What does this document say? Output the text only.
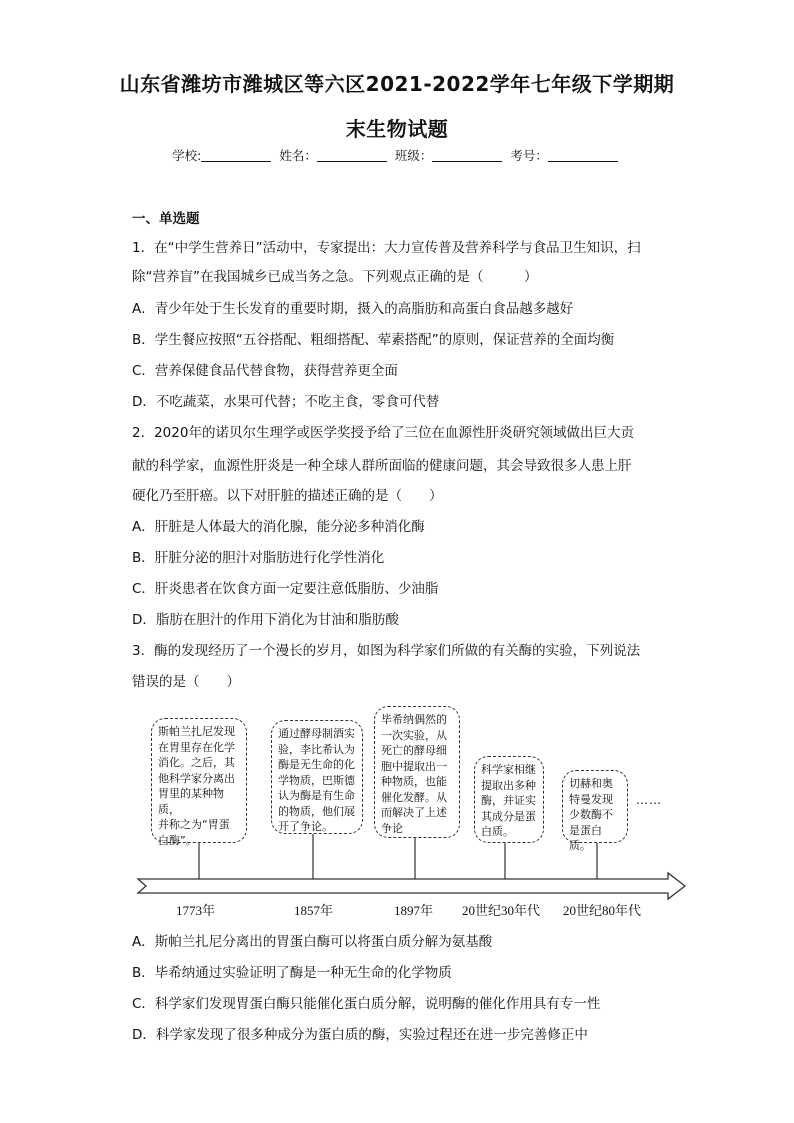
山东省潍坊市潍城区等六区2021-2022学年七年级下学期期
末生物试题
学校:	姓名：	班级：	考号：
一、单选题
1．在“中学生营养日”活动中，专家提出：大力宣传普及营养科学与食品卫生知识，扫
除“营养盲”在我国城乡已成当务之急。下列观点正确的是（　　　）
A．青少年处于生长发育的重要时期，摄入的高脂肪和高蛋白食品越多越好
B．学生餐应按照“五谷搭配、粗细搭配、荤素搭配”的原则，保证营养的全面均衡
C．营养保健食品代替食物，获得营养更全面
D．不吃蔬菜，水果可代替；不吃主食，零食可代替
2．2020年的诺贝尔生理学或医学奖授予给了三位在血源性肝炎研究领域做出巨大贡
献的科学家，血源性肝炎是一种全球人群所面临的健康问题，其会导致很多人患上肝
硬化乃至肝癌。以下对肝脏的描述正确的是（　　）
A．肝脏是人体最大的消化腺，能分泌多种消化酶
B．肝脏分泌的胆汁对脂肪进行化学性消化
C．肝炎患者在饮食方面一定要注意低脂肪、少油脂
D．脂肪在胆汁的作用下消化为甘油和脂肪酸
3．酶的发现经历了一个漫长的岁月，如图为科学家们所做的有关酶的实验，下列说法
错误的是（　　）
斯帕兰扎尼发现
在胃里存在化学
消化。之后，其
他科学家分离出
胃里的某种物质，
并称之为“胃蛋
白酶”。
通过酵母制酒实
验，李比希认为
酶是无生命的化
学物质，巴斯德
认为酶是有生命
的物质，他们展
开了争论。
毕希纳偶然的
一次实验，从
死亡的酵母细
胞中提取出一
种物质，也能
催化发酵。从
而解决了上述
争论
科学家相继
提取出多种
酶，并证实
其成分是蛋
白质。
切赫和奥
特曼发现
少数酶不
是蛋白质。
……
1773年	1857年	1897年 20世纪30年代 20世纪80年代
A．斯帕兰扎尼分离出的胃蛋白酶可以将蛋白质分解为氨基酸
B．毕希纳通过实验证明了酶是一种无生命的化学物质
C．科学家们发现胃蛋白酶只能催化蛋白质分解，说明酶的催化作用具有专一性
D．科学家发现了很多种成分为蛋白质的酶，实验过程还在进一步完善修正中
